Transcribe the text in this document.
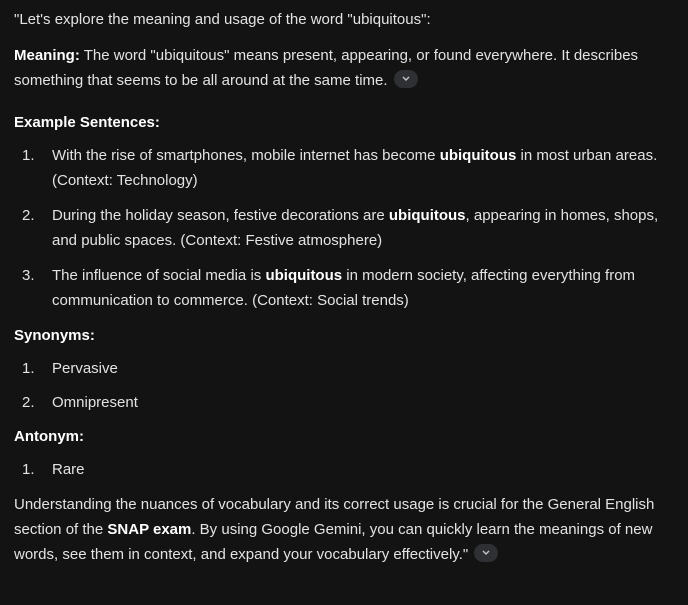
"Let's explore the meaning and usage of the word "ubiquitous":

Meaning: The word "ubiquitous" means present, appearing, or found everywhere. It describes something that seems to be all around at the same time.

Example Sentences:

1. With the rise of smartphones, mobile internet has become ubiquitous in most urban areas. (Context: Technology)
2. During the holiday season, festive decorations are ubiquitous, appearing in homes, shops, and public spaces. (Context: Festive atmosphere)
3. The influence of social media is ubiquitous in modern society, affecting everything from communication to commerce. (Context: Social trends)

Synonyms:

1. Pervasive
2. Omnipresent

Antonym:

1. Rare

Understanding the nuances of vocabulary and its correct usage is crucial for the General English section of the SNAP exam. By using Google Gemini, you can quickly learn the meanings of new words, see them in context, and expand your vocabulary effectively."
